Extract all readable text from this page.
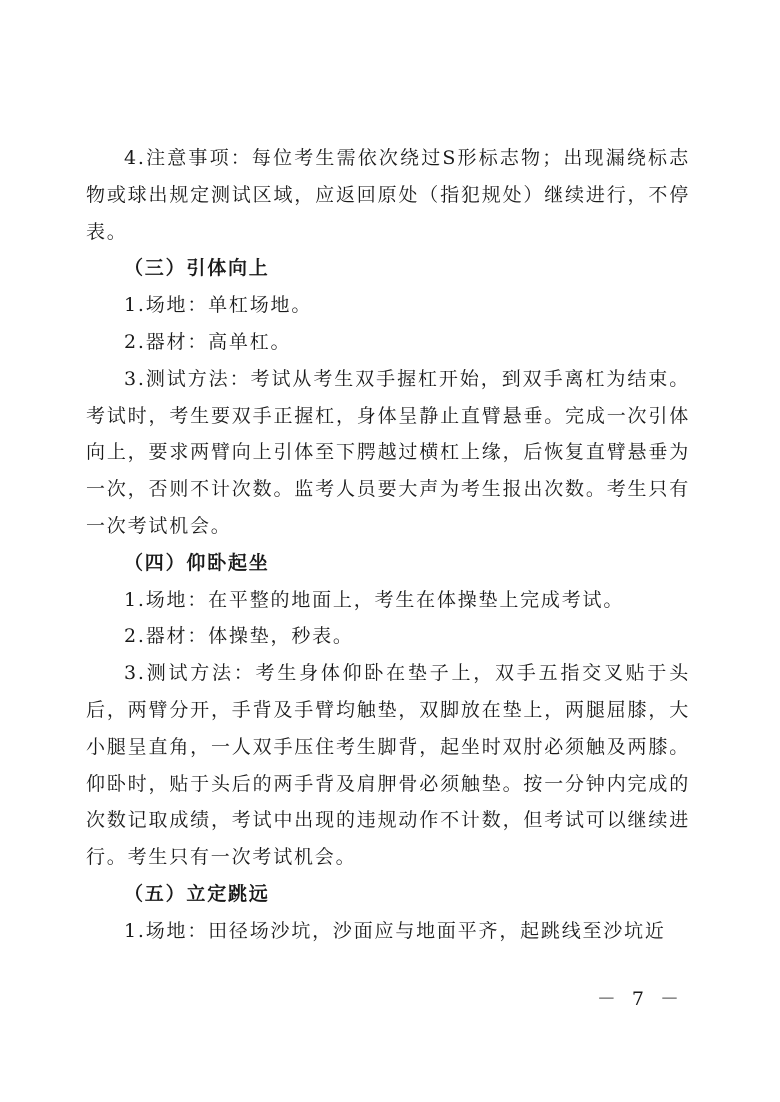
4.注意事项：每位考生需依次绕过S形标志物；出现漏绕标志物或球出规定测试区域，应返回原处（指犯规处）继续进行，不停表。

（三）引体向上

1.场地：单杠场地。

2.器材：高单杠。

3.测试方法：考试从考生双手握杠开始，到双手离杠为结束。考试时，考生要双手正握杠，身体呈静止直臂悬垂。完成一次引体向上，要求两臂向上引体至下腭越过横杠上缘，后恢复直臂悬垂为一次，否则不计次数。监考人员要大声为考生报出次数。考生只有一次考试机会。

（四）仰卧起坐

1.场地：在平整的地面上，考生在体操垫上完成考试。

2.器材：体操垫，秒表。

3.测试方法：考生身体仰卧在垫子上，双手五指交叉贴于头后，两臂分开，手背及手臂均触垫，双脚放在垫上，两腿屈膝，大小腿呈直角，一人双手压住考生脚背，起坐时双肘必须触及两膝。仰卧时，贴于头后的两手背及肩胛骨必须触垫。按一分钟内完成的次数记取成绩，考试中出现的违规动作不计数，但考试可以继续进行。考生只有一次考试机会。

（五）立定跳远

1.场地：田径场沙坑，沙面应与地面平齐，起跳线至沙坑近

－ 7 －
